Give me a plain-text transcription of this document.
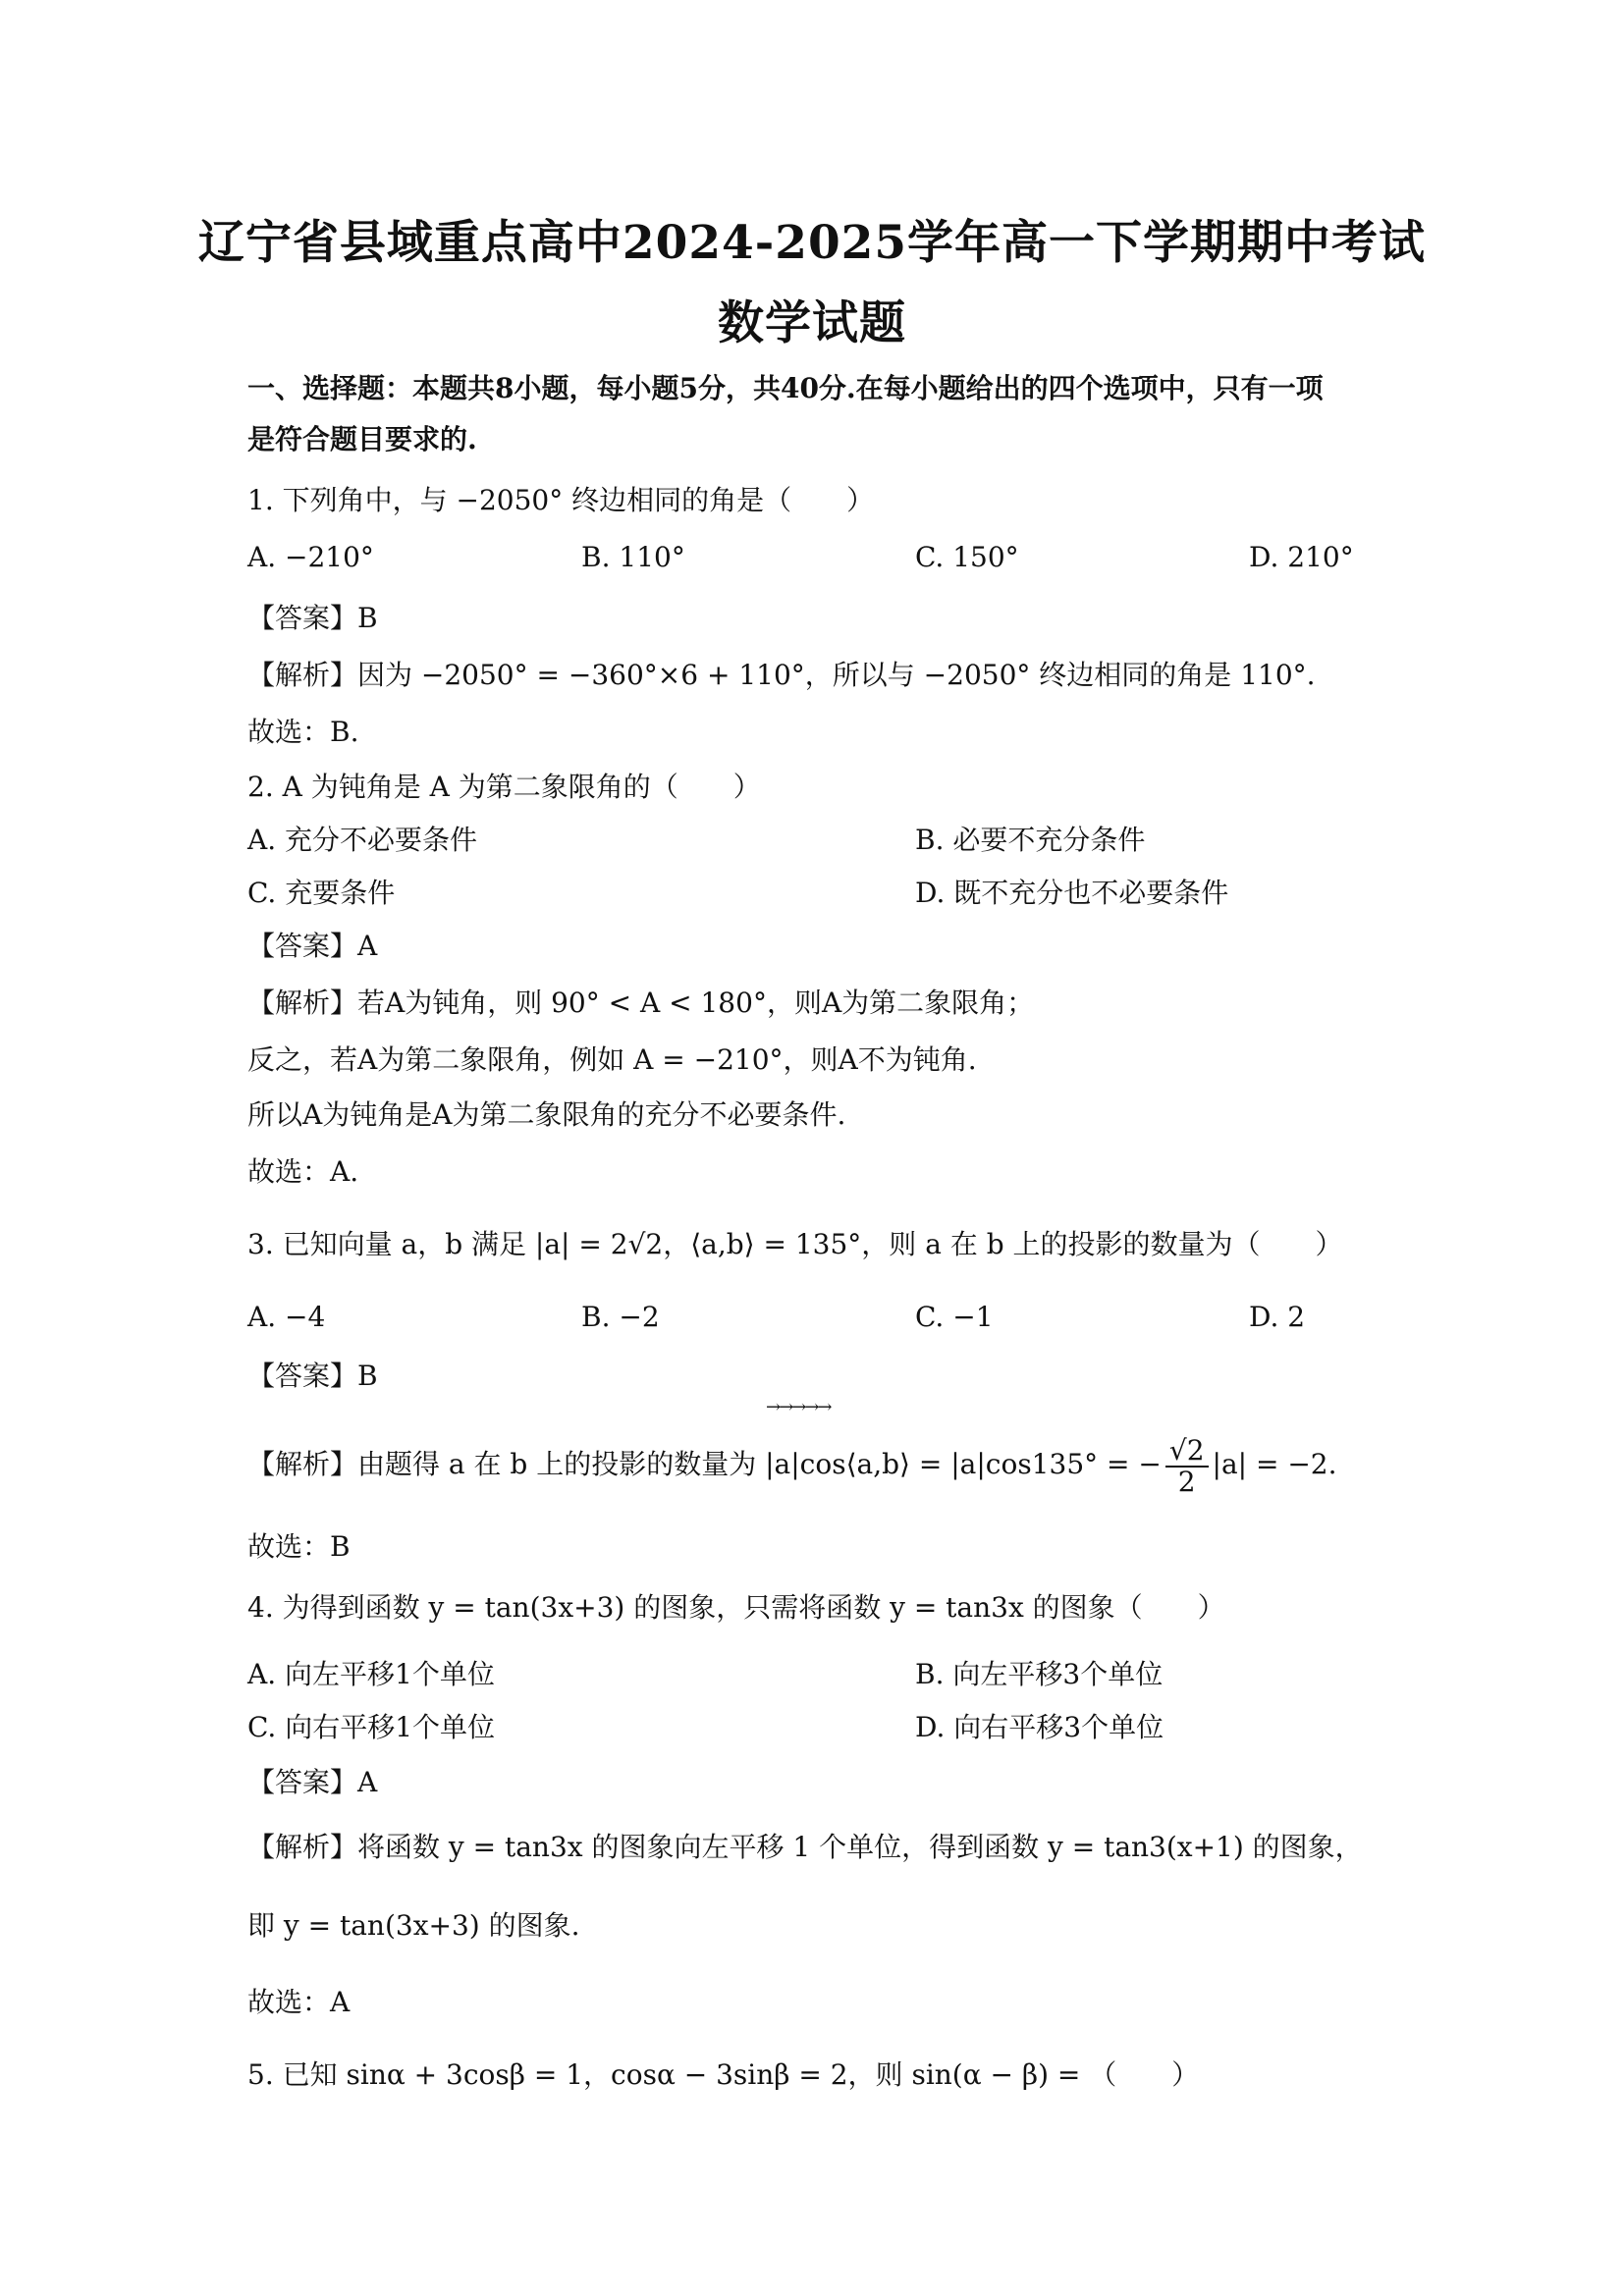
辽宁省县域重点高中2024-2025学年高一下学期期中考试
数学试题
一、选择题：本题共8小题，每小题5分，共40分.在每小题给出的四个选项中，只有一项
是符合题目要求的.
1. 下列角中，与 −2050° 终边相同的角是（　　）
A. −210°	B. 110°	C. 150°	D. 210°
【答案】B
【解析】因为 −2050° = −360°×6 + 110°，所以与 −2050° 终边相同的角是 110°.
故选：B.
2. A 为钝角是 A 为第二象限角的（　　）
A. 充分不必要条件	B. 必要不充分条件
C. 充要条件	D. 既不充分也不必要条件
【答案】A
【解析】若A为钝角，则 90° < A < 180°，则A为第二象限角；
反之，若A为第二象限角，例如 A = −210°，则A不为钝角.
所以A为钝角是A为第二象限角的充分不必要条件.
故选：A.
3. 已知向量 a，b 满足 |a| = 2√2，⟨a,b⟩ = 135°，则 a 在 b 上的投影的数量为（　　）
A. −4	B. −2	C. −1	D. 2
【答案】B
→→→→→
【解析】由题得 a 在 b 上的投影的数量为 |a|cos⟨a,b⟩ = |a|cos135° = − $\frac{√2}{2} |a| = -2$.
故选：B
4. 为得到函数 y = tan(3x+3) 的图象，只需将函数 y = tan3x 的图象（　　）
A. 向左平移1个单位	B. 向左平移3个单位
C. 向右平移1个单位	D. 向右平移3个单位
【答案】A
【解析】将函数 y = tan3x 的图象向左平移 1 个单位，得到函数 y = tan3(x+1) 的图象，
即 y = tan(3x+3) 的图象.
故选：A
5. 已知 sinα + 3cosβ = 1，cosα − 3sinβ = 2，则 sin(α − β) = （　　）
